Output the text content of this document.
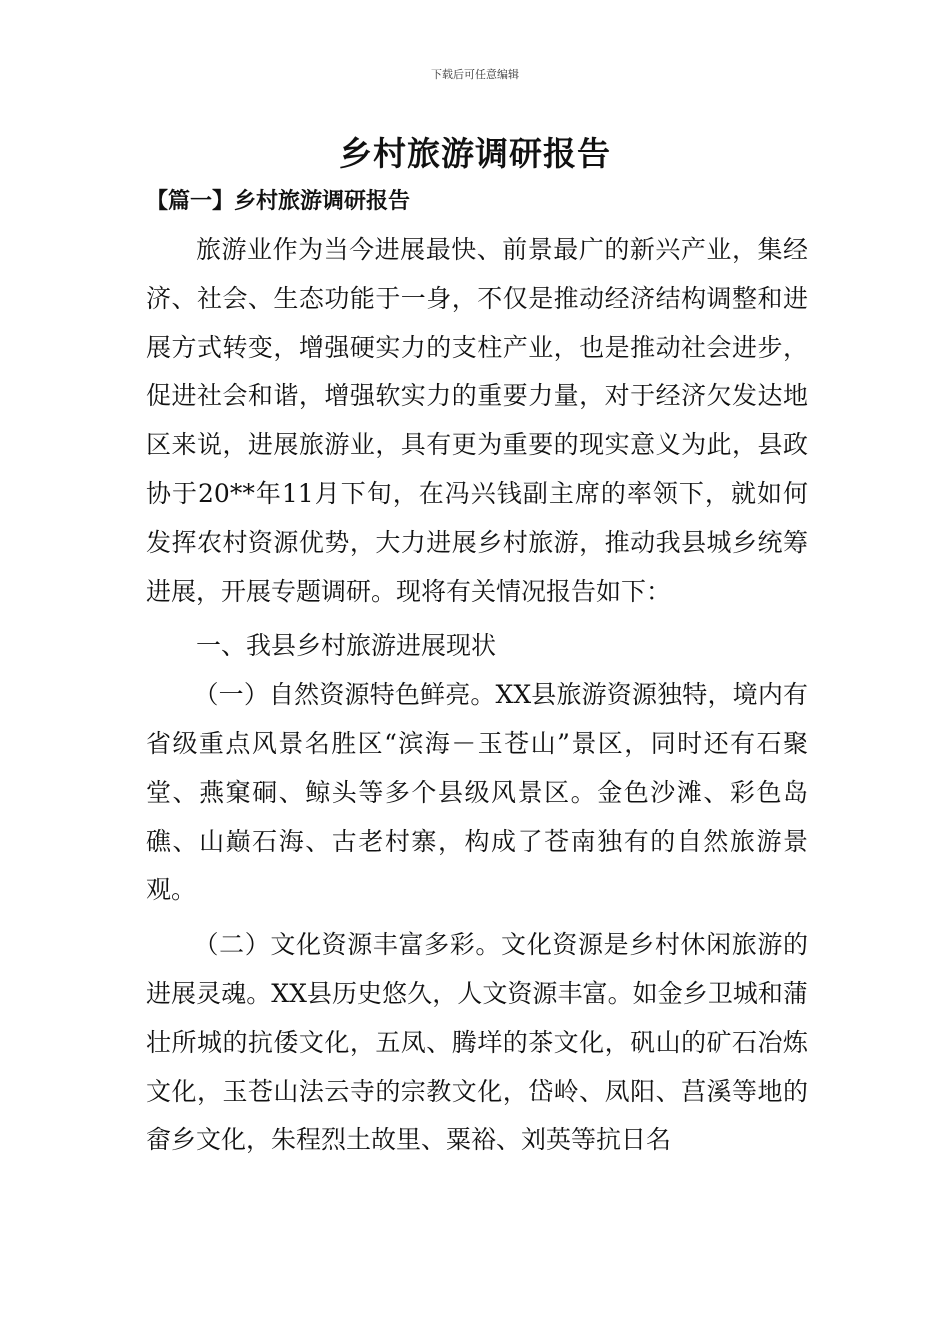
下载后可任意编辑
乡村旅游调研报告
【篇一】乡村旅游调研报告

旅游业作为当今进展最快、前景最广的新兴产业，集经济、社会、生态功能于一身，不仅是推动经济结构调整和进展方式转变，增强硬实力的支柱产业，也是推动社会进步，促进社会和谐，增强软实力的重要力量，对于经济欠发达地区来说，进展旅游业，具有更为重要的现实意义为此，县政协于20**年11月下旬，在冯兴钱副主席的率领下，就如何发挥农村资源优势，大力进展乡村旅游，推动我县城乡统筹进展，开展专题调研。现将有关情况报告如下：

一、我县乡村旅游进展现状

（一）自然资源特色鲜亮。XX县旅游资源独特，境内有省级重点风景名胜区“滨海－玉苍山”景区，同时还有石聚堂、燕窠硐、鲸头等多个县级风景区。金色沙滩、彩色岛礁、山巅石海、古老村寨，构成了苍南独有的自然旅游景观。

（二）文化资源丰富多彩。文化资源是乡村休闲旅游的进展灵魂。XX县历史悠久，人文资源丰富。如金乡卫城和蒲壮所城的抗倭文化，五凤、腾垟的茶文化，矾山的矿石冶炼文化，玉苍山法云寺的宗教文化，岱岭、凤阳、莒溪等地的畲乡文化，朱程烈土故里、粟裕、刘英等抗日名
